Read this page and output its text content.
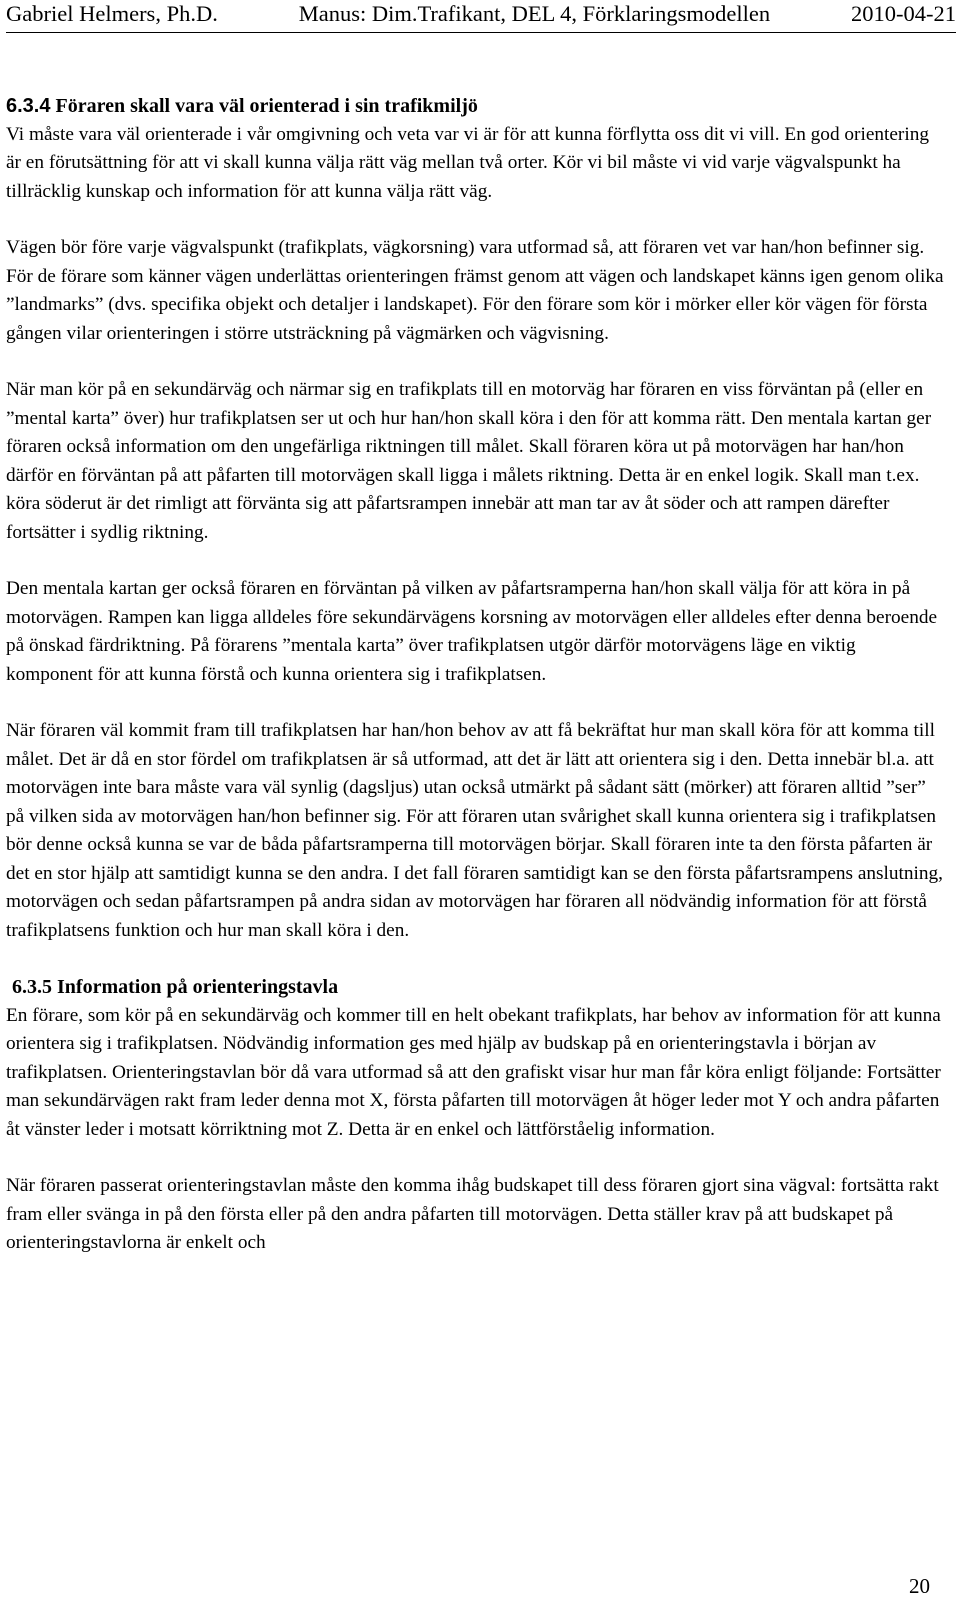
Gabriel Helmers, Ph.D.	Manus: Dim.Trafikant, DEL 4, Förklaringsmodellen	2010-04-21
6.3.4 Föraren skall vara väl orienterad i sin trafikmiljö

Vi måste vara väl orienterade i vår omgivning och veta var vi är för att kunna förflytta oss dit vi vill. En god orientering är en förutsättning för att vi skall kunna välja rätt väg mellan två orter. Kör vi bil måste vi vid varje vägvalspunkt ha tillräcklig kunskap och information för att kunna välja rätt väg.

Vägen bör före varje vägvalspunkt (trafikplats, vägkorsning) vara utformad så, att föraren vet var han/hon befinner sig. För de förare som känner vägen underlättas orienteringen främst genom att vägen och landskapet känns igen genom olika ”landmarks” (dvs. specifika objekt och detaljer i landskapet). För den förare som kör i mörker eller kör vägen för första gången vilar orienteringen i större utsträckning på vägmärken och vägvisning.

När man kör på en sekundärväg och närmar sig en trafikplats till en motorväg har föraren en viss förväntan på (eller en ”mental karta” över) hur trafikplatsen ser ut och hur han/hon skall köra i den för att komma rätt. Den mentala kartan ger föraren också information om den ungefärliga riktningen till målet. Skall föraren köra ut på motorvägen har han/hon därför en förväntan på att påfarten till motorvägen skall ligga i målets riktning. Detta är en enkel logik. Skall man t.ex. köra söderut är det rimligt att förvänta sig att påfartsrampen innebär att man tar av åt söder och att rampen därefter fortsätter i sydlig riktning.

Den mentala kartan ger också föraren en förväntan på vilken av påfartsramperna han/hon skall välja för att köra in på motorvägen. Rampen kan ligga alldeles före sekundärvägens korsning av motorvägen eller alldeles efter denna beroende på önskad färdriktning. På förarens ”mentala karta” över trafikplatsen utgör därför motorvägens läge en viktig komponent för att kunna förstå och kunna orientera sig i trafikplatsen.

När föraren väl kommit fram till trafikplatsen har han/hon behov av att få bekräftat hur man skall köra för att komma till målet. Det är då en stor fördel om trafikplatsen är så utformad, att det är lätt att orientera sig i den. Detta innebär bl.a. att motorvägen inte bara måste vara väl synlig (dagsljus) utan också utmärkt på sådant sätt (mörker) att föraren alltid ”ser” på vilken sida av motorvägen han/hon befinner sig. För att föraren utan svårighet skall kunna orientera sig i trafikplatsen bör denne också kunna se var de båda påfartsramperna till motorvägen börjar. Skall föraren inte ta den första påfarten är det en stor hjälp att samtidigt kunna se den andra. I det fall föraren samtidigt kan se den första påfartsrampens anslutning, motorvägen och sedan påfartsrampen på andra sidan av motorvägen har föraren all nödvändig information för att förstå trafikplatsens funktion och hur man skall köra i den.

6.3.5 Information på orienteringstavla

En förare, som kör på en sekundärväg och kommer till en helt obekant trafikplats, har behov av information för att kunna orientera sig i trafikplatsen. Nödvändig information ges med hjälp av budskap på en orienteringstavla i början av trafikplatsen. Orienteringstavlan bör då vara utformad så att den grafiskt visar hur man får köra enligt följande: Fortsätter man sekundärvägen rakt fram leder denna mot X, första påfarten till motorvägen åt höger leder mot Y och andra påfarten åt vänster leder i motsatt körriktning mot Z. Detta är en enkel och lättförståelig information.

När föraren passerat orienteringstavlan måste den komma ihåg budskapet till dess föraren gjort sina vägval: fortsätta rakt fram eller svänga in på den första eller på den andra påfarten till motorvägen. Detta ställer krav på att budskapet på orienteringstavlorna är enkelt och

20
